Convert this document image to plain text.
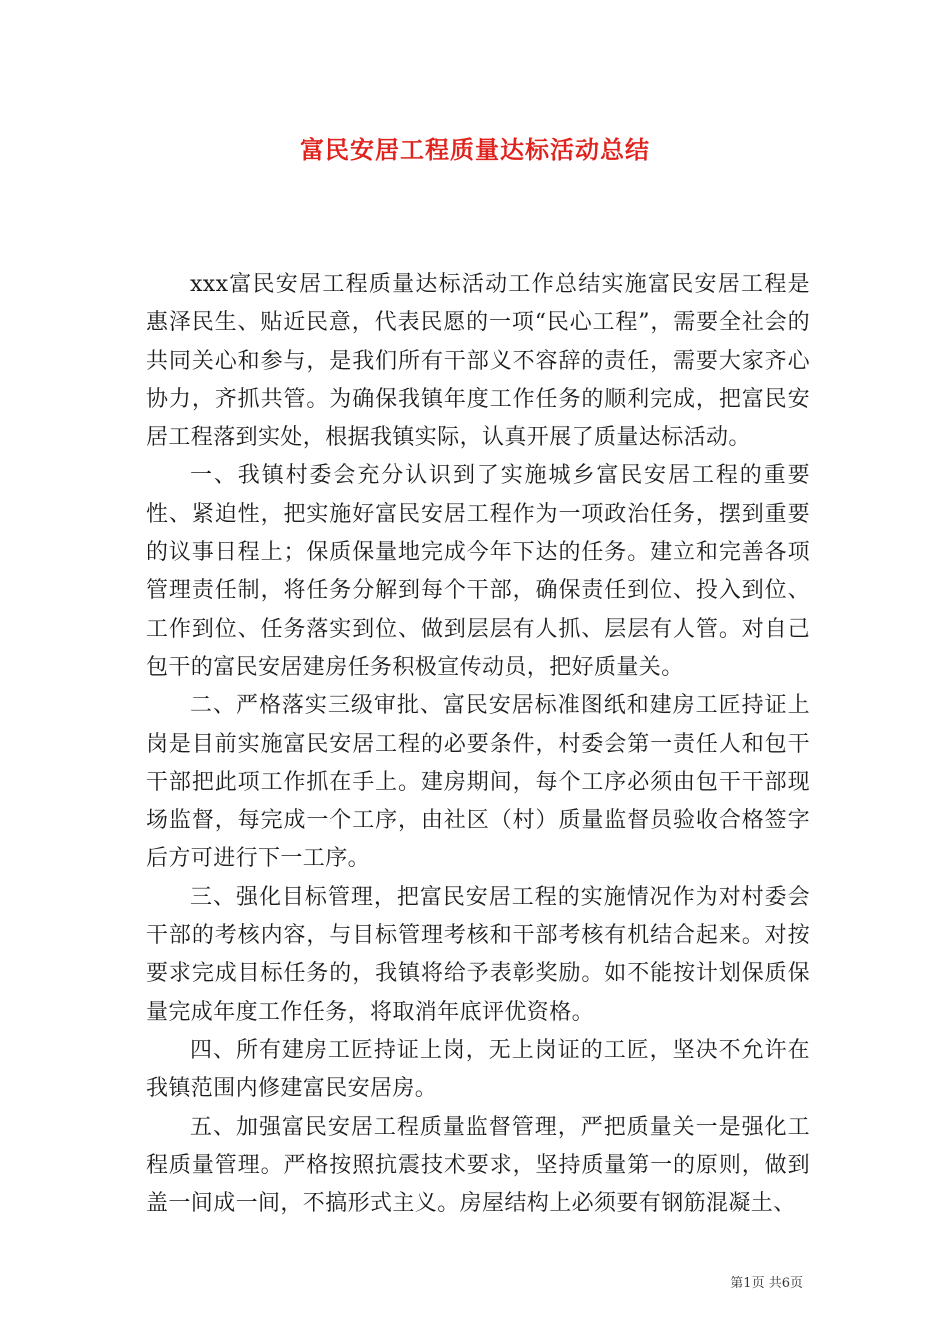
富民安居工程质量达标活动总结

xxx富民安居工程质量达标活动工作总结实施富民安居工程是惠泽民生、贴近民意，代表民愿的一项“民心工程”，需要全社会的共同关心和参与，是我们所有干部义不容辞的责任，需要大家齐心协力，齐抓共管。为确保我镇年度工作任务的顺利完成，把富民安居工程落到实处，根据我镇实际，认真开展了质量达标活动。

一、我镇村委会充分认识到了实施城乡富民安居工程的重要性、紧迫性，把实施好富民安居工程作为一项政治任务，摆到重要的议事日程上；保质保量地完成今年下达的任务。建立和完善各项管理责任制，将任务分解到每个干部，确保责任到位、投入到位、工作到位、任务落实到位、做到层层有人抓、层层有人管。对自己包干的富民安居建房任务积极宣传动员，把好质量关。

二、严格落实三级审批、富民安居标准图纸和建房工匠持证上岗是目前实施富民安居工程的必要条件，村委会第一责任人和包干干部把此项工作抓在手上。建房期间，每个工序必须由包干干部现场监督，每完成一个工序，由社区（村）质量监督员验收合格签字后方可进行下一工序。

三、强化目标管理，把富民安居工程的实施情况作为对村委会干部的考核内容，与目标管理考核和干部考核有机结合起来。对按要求完成目标任务的，我镇将给予表彰奖励。如不能按计划保质保量完成年度工作任务，将取消年底评优资格。

四、所有建房工匠持证上岗，无上岗证的工匠，坚决不允许在我镇范围内修建富民安居房。

五、加强富民安居工程质量监督管理，严把质量关一是强化工程质量管理。严格按照抗震技术要求，坚持质量第一的原则，做到盖一间成一间，不搞形式主义。房屋结构上必须要有钢筋混凝土、

第1页 共6页
